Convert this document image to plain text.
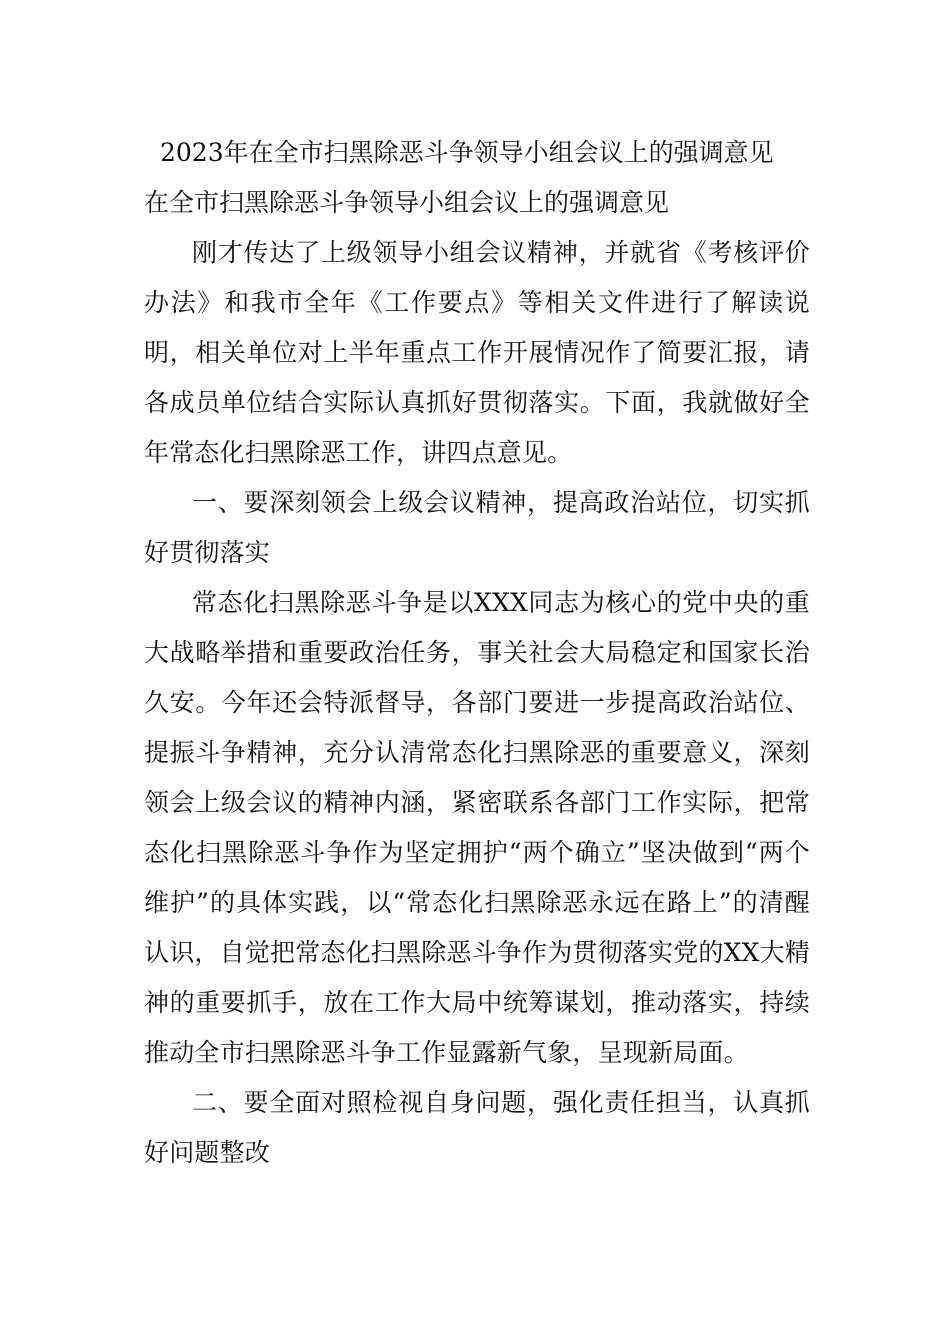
2023年在全市扫黑除恶斗争领导小组会议上的强调意见
在全市扫黑除恶斗争领导小组会议上的强调意见

刚才传达了上级领导小组会议精神，并就省《考核评价办法》和我市全年《工作要点》等相关文件进行了解读说明，相关单位对上半年重点工作开展情况作了简要汇报，请各成员单位结合实际认真抓好贯彻落实。下面，我就做好全年常态化扫黑除恶工作，讲四点意见。

一、要深刻领会上级会议精神，提高政治站位，切实抓好贯彻落实

常态化扫黑除恶斗争是以XXX同志为核心的党中央的重大战略举措和重要政治任务，事关社会大局稳定和国家长治久安。今年还会特派督导，各部门要进一步提高政治站位、提振斗争精神，充分认清常态化扫黑除恶的重要意义，深刻领会上级会议的精神内涵，紧密联系各部门工作实际，把常态化扫黑除恶斗争作为坚定拥护“两个确立”坚决做到“两个维护”的具体实践，以“常态化扫黑除恶永远在路上”的清醒认识，自觉把常态化扫黑除恶斗争作为贯彻落实党的XX大精神的重要抓手，放在工作大局中统筹谋划，推动落实，持续推动全市扫黑除恶斗争工作显露新气象，呈现新局面。

二、要全面对照检视自身问题，强化责任担当，认真抓好问题整改
